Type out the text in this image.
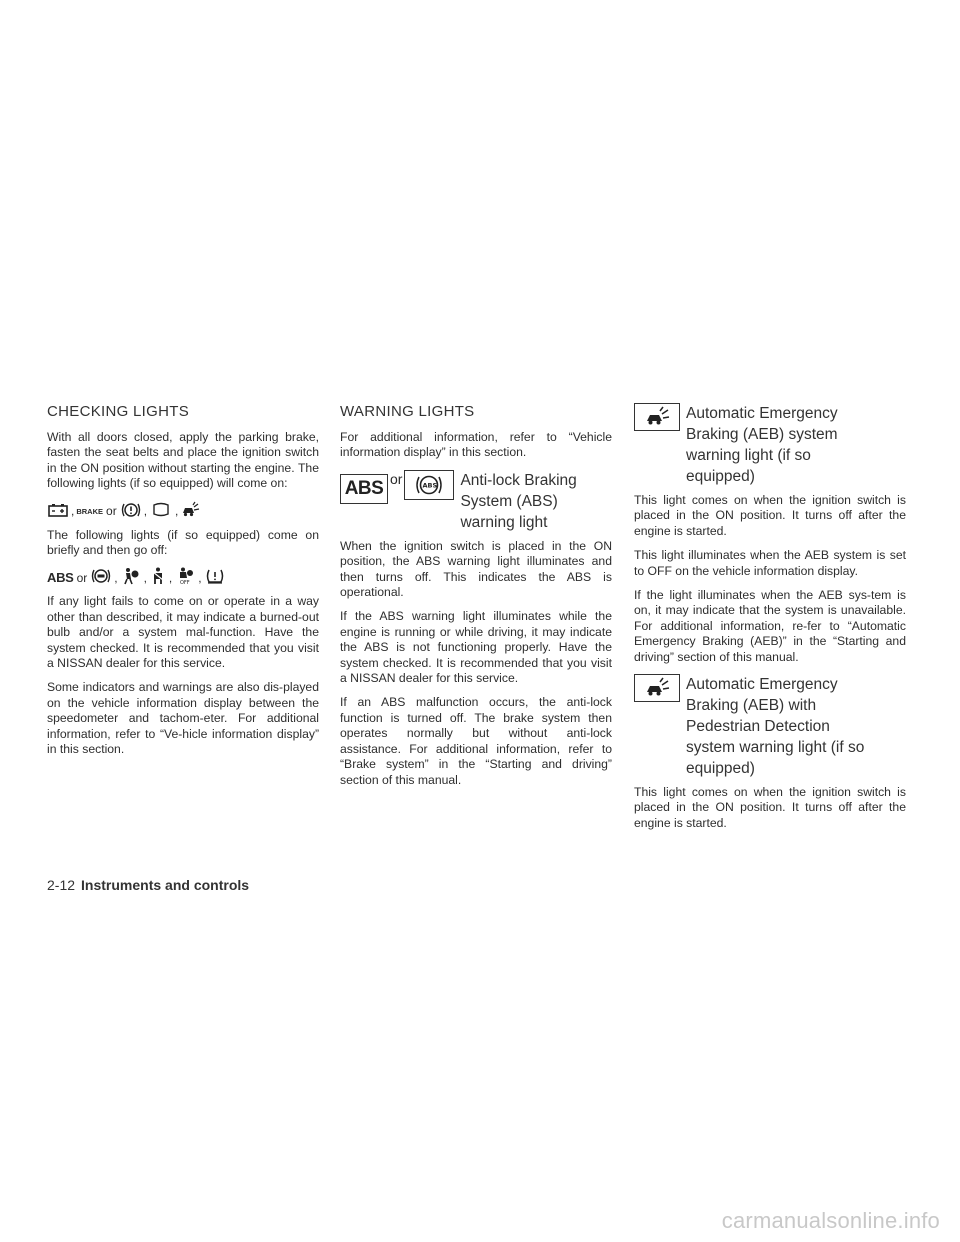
CHECKING LIGHTS

With all doors closed, apply the parking brake, fasten the seat belts and place the ignition switch in the ON position without starting the engine. The following lights (if so equipped) will come on:

, BRAKE or , ,

The following lights (if so equipped) come on briefly and then go off:

ABS or , , , OFF ,

If any light fails to come on or operate in a way other than described, it may indicate a burned-out bulb and/or a system mal-function. Have the system checked. It is recommended that you visit a NISSAN dealer for this service.

Some indicators and warnings are also dis-played on the vehicle information display between the speedometer and tachom-eter. For additional information, refer to “Ve-hicle information display” in this section.

WARNING LIGHTS

For additional information, refer to “Vehicle information display” in this section.

ABS or	ABS Anti-lock Braking
System (ABS)
warning light

When the ignition switch is placed in the ON position, the ABS warning light illuminates and then turns off. This indicates the ABS is operational.

If the ABS warning light illuminates while the engine is running or while driving, it may indicate the ABS is not functioning properly. Have the system checked. It is recommended that you visit a NISSAN dealer for this service.

If an ABS malfunction occurs, the anti-lock function is turned off. The brake system then operates normally but without anti-lock assistance. For additional information, refer to “Brake system” in the “Starting and driving” section of this manual.

Automatic Emergency
Braking (AEB) system
warning light (if so
equipped)

This light comes on when the ignition switch is placed in the ON position. It turns off after the engine is started.

This light illuminates when the AEB system is set to OFF on the vehicle information display.

If the light illuminates when the AEB sys-tem is on, it may indicate that the system is unavailable. For additional information, re-fer to “Automatic Emergency Braking (AEB)” in the “Starting and driving” section of this manual.

Automatic Emergency
Braking (AEB) with
Pedestrian Detection
system warning light (if so
equipped)

This light comes on when the ignition switch is placed in the ON position. It turns off after the engine is started.

2-12 Instruments and controls
carmanualsonline.info
